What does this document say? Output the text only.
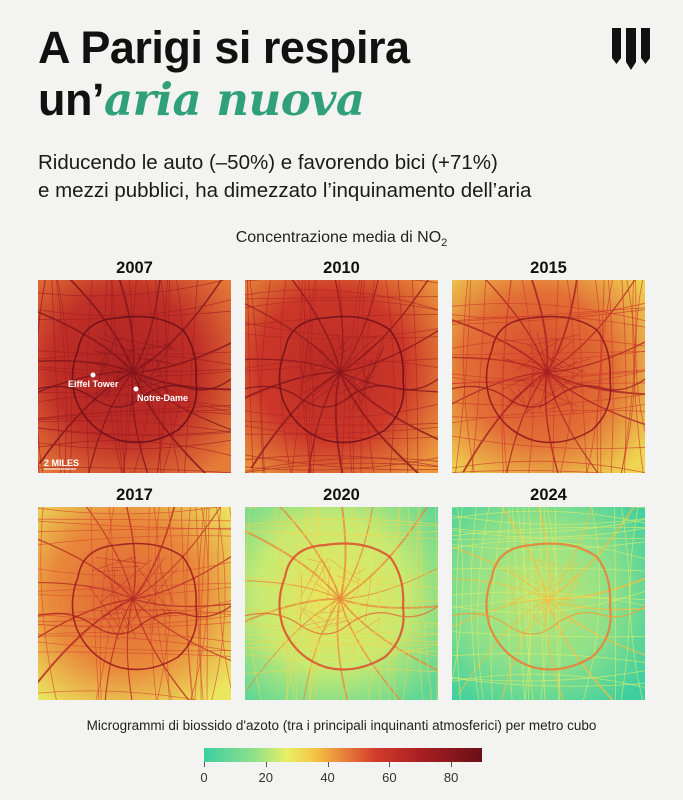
A Parigi si respira
un’aria nuova

Riducendo le auto (–50%) e favorendo bici (+71%)
e mezzi pubblici, ha dimezzato l’inquinamento dell’aria

Concentrazione media di $NO_2$
2007
Eiffel Tower
Notre-Dame
2 MILES
2010	2015
2017	2020	2024
Microgrammi di biossido d'azoto (tra i principali inquinanti atmosferici) per metro cubo
0	20	40	60	80
